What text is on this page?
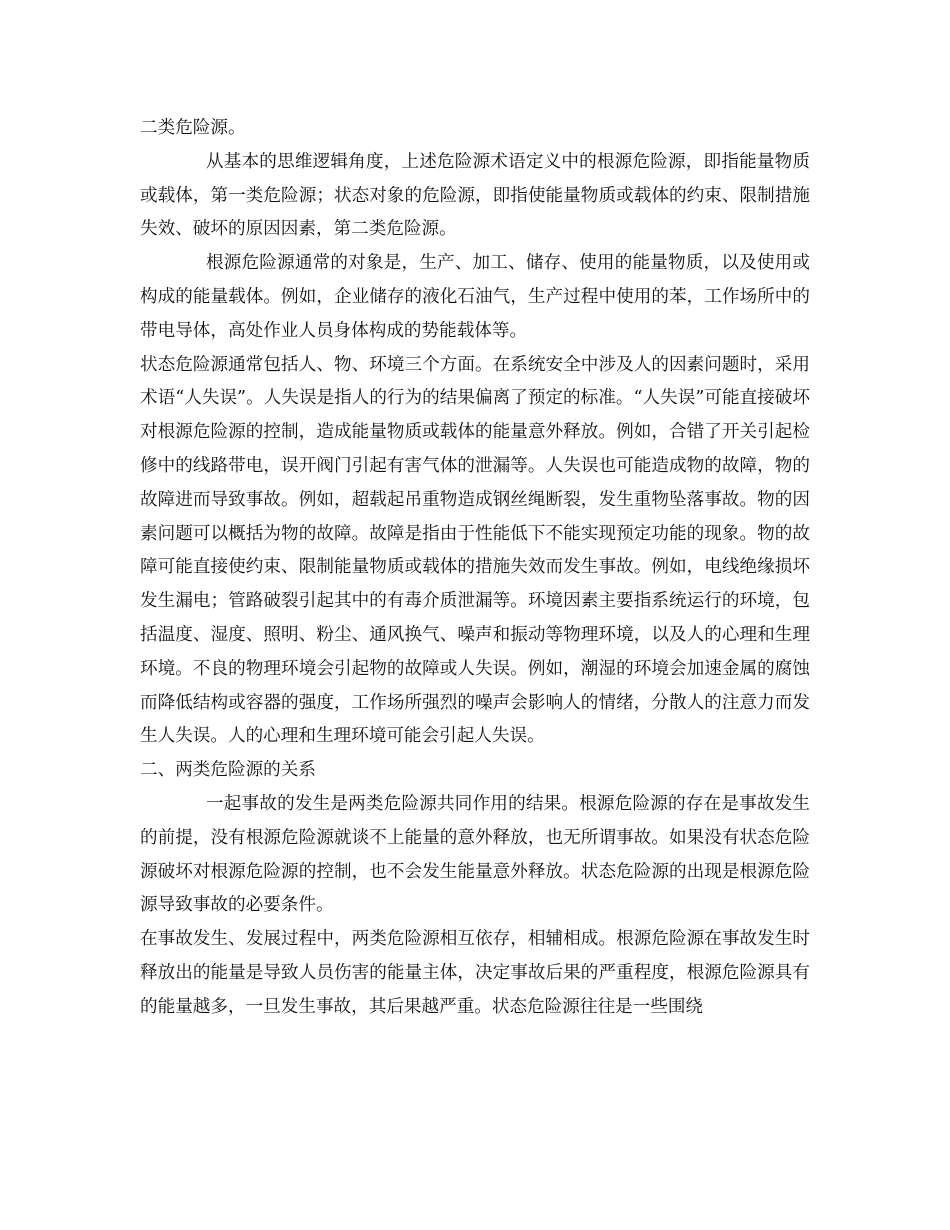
二类危险源。

从基本的思维逻辑角度，上述危险源术语定义中的根源危险源，即指能量物质或载体，第一类危险源；状态对象的危险源，即指使能量物质或载体的约束、限制措施失效、破坏的原因因素，第二类危险源。

根源危险源通常的对象是，生产、加工、储存、使用的能量物质，以及使用或构成的能量载体。例如，企业储存的液化石油气，生产过程中使用的苯，工作场所中的带电导体，高处作业人员身体构成的势能载体等。

状态危险源通常包括人、物、环境三个方面。在系统安全中涉及人的因素问题时，采用术语“人失误”。人失误是指人的行为的结果偏离了预定的标准。“人失误”可能直接破坏对根源危险源的控制，造成能量物质或载体的能量意外释放。例如，合错了开关引起检修中的线路带电，误开阀门引起有害气体的泄漏等。人失误也可能造成物的故障，物的故障进而导致事故。例如，超载起吊重物造成钢丝绳断裂，发生重物坠落事故。物的因素问题可以概括为物的故障。故障是指由于性能低下不能实现预定功能的现象。物的故障可能直接使约束、限制能量物质或载体的措施失效而发生事故。例如，电线绝缘损坏发生漏电；管路破裂引起其中的有毒介质泄漏等。环境因素主要指系统运行的环境，包括温度、湿度、照明、粉尘、通风换气、噪声和振动等物理环境，以及人的心理和生理环境。不良的物理环境会引起物的故障或人失误。例如，潮湿的环境会加速金属的腐蚀而降低结构或容器的强度，工作场所强烈的噪声会影响人的情绪，分散人的注意力而发生人失误。人的心理和生理环境可能会引起人失误。

二、两类危险源的关系

一起事故的发生是两类危险源共同作用的结果。根源危险源的存在是事故发生的前提，没有根源危险源就谈不上能量的意外释放，也无所谓事故。如果没有状态危险源破坏对根源危险源的控制，也不会发生能量意外释放。状态危险源的出现是根源危险源导致事故的必要条件。

在事故发生、发展过程中，两类危险源相互依存，相辅相成。根源危险源在事故发生时释放出的能量是导致人员伤害的能量主体，决定事故后果的严重程度，根源危险源具有的能量越多，一旦发生事故，其后果越严重。状态危险源往往是一些围绕
